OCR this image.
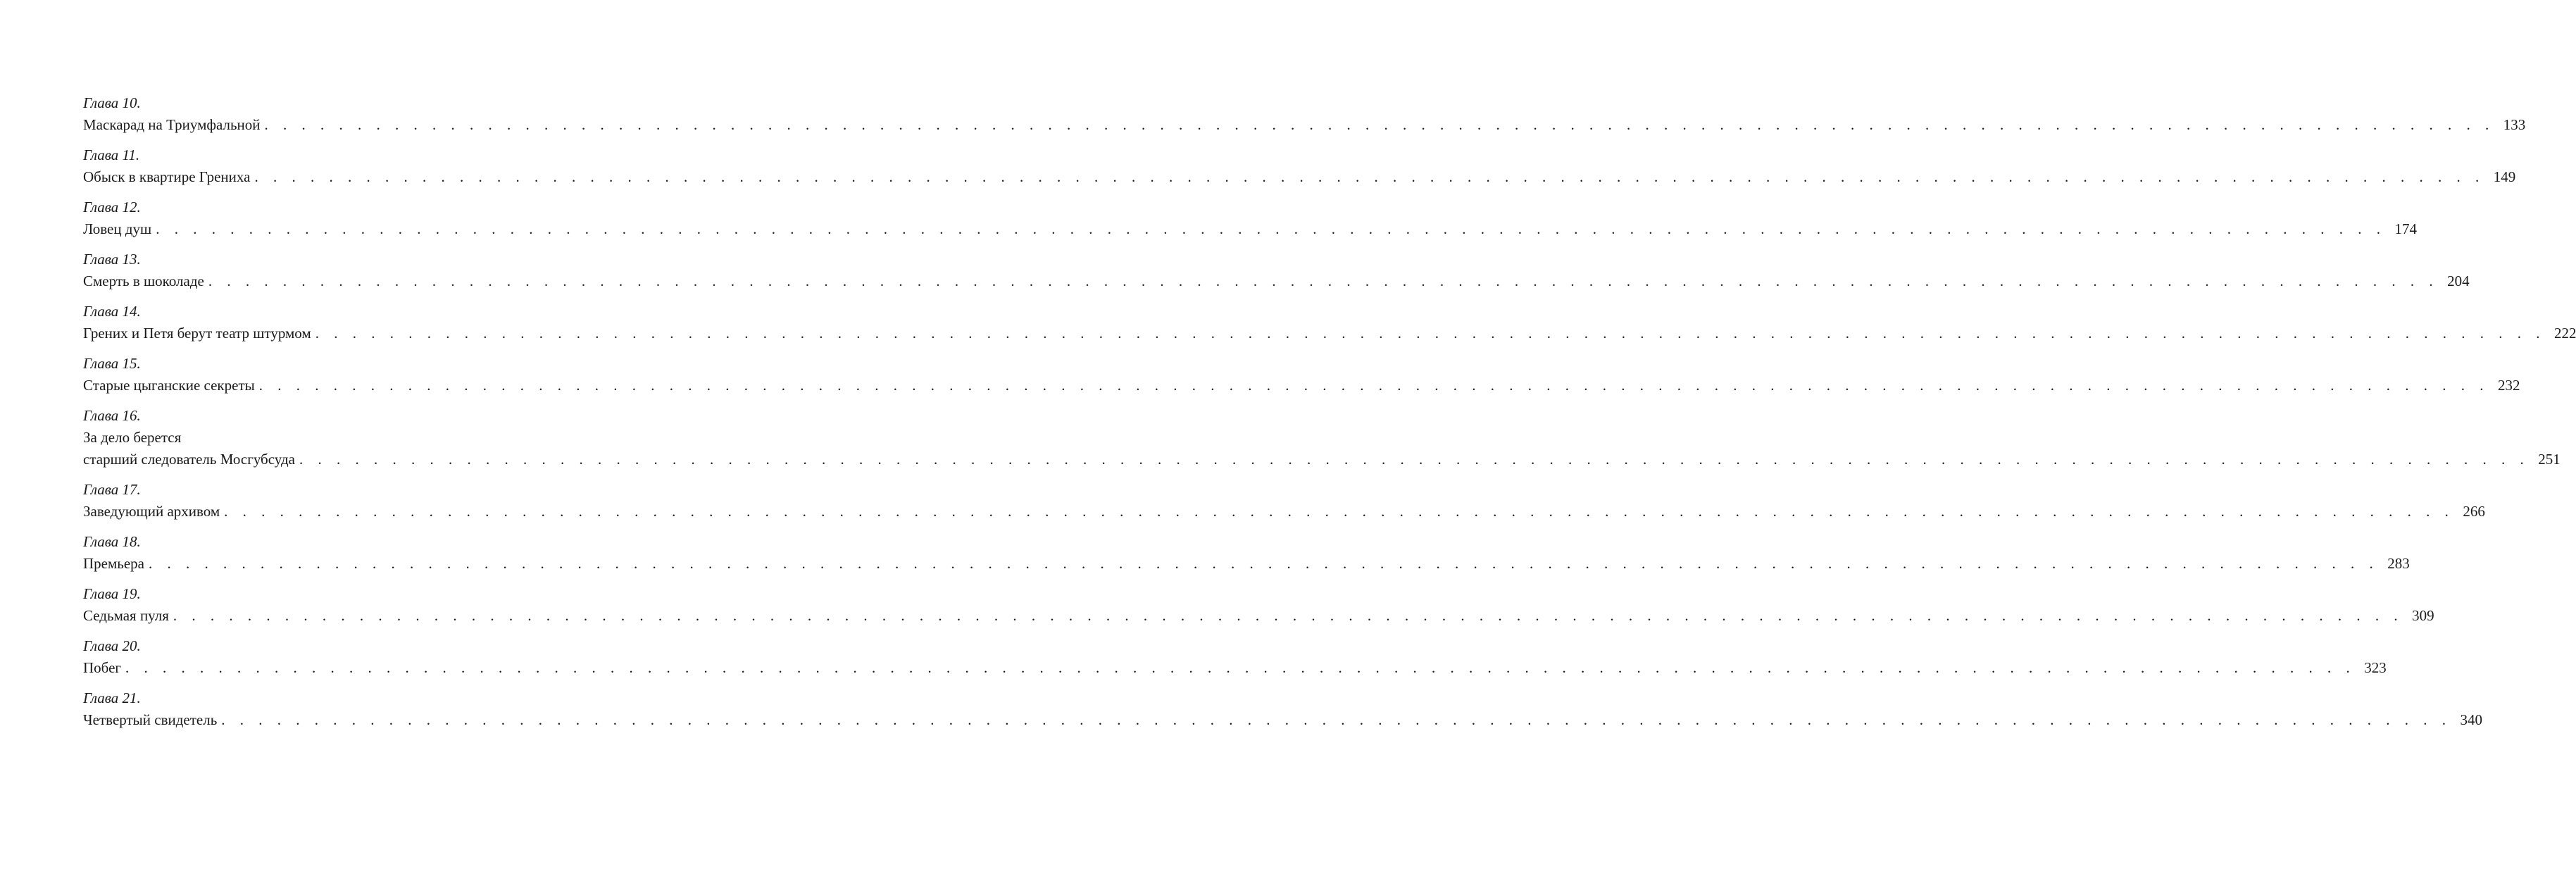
Глава 10.
Маскарад на Триумфальной . . . . . . . . . . . . . . . . . . . . . . . . . . . . . . . . . . . . . . . . . . . . . . . . . . . . . . . . . . . . . . . . . . . . . . . . . . . . . . . . . . . . . . . . . . . . . . . . . . . . . . . . . . . . . . . . . . . . . . . . 133
Глава 11.
Обыск в квартире Грениха . . . . . . . . . . . . . . . . . . . . . . . . . . . . . . . . . . . . . . . . . . . . . . . . . . . . . . . . . . . . . . . . . . . . . . . . . . . . . . . . . . . . . . . . . . . . . . . . . . . . . . . . . . . . . . . . . . . . . . . . 149
Глава 12.
Ловец душ . . . . . . . . . . . . . . . . . . . . . . . . . . . . . . . . . . . . . . . . . . . . . . . . . . . . . . . . . . . . . . . . . . . . . . . . . . . . . . . . . . . . . . . . . . . . . . . . . . . . . . . . . . . . . . . . . . . . . . . . 174
Глава 13.
Смерть в шоколаде . . . . . . . . . . . . . . . . . . . . . . . . . . . . . . . . . . . . . . . . . . . . . . . . . . . . . . . . . . . . . . . . . . . . . . . . . . . . . . . . . . . . . . . . . . . . . . . . . . . . . . . . . . . . . . . . . . . . . . . . 204
Глава 14.
Грених и Петя берут театр штурмом . . . . . . . . . . . . . . . . . . . . . . . . . . . . . . . . . . . . . . . . . . . . . . . . . . . . . . . . . . . . . . . . . . . . . . . . . . . . . . . . . . . . . . . . . . . . . . . . . . . . . . . . . . . . . . . . . . . . . . . . 222
Глава 15.
Старые цыганские секреты . . . . . . . . . . . . . . . . . . . . . . . . . . . . . . . . . . . . . . . . . . . . . . . . . . . . . . . . . . . . . . . . . . . . . . . . . . . . . . . . . . . . . . . . . . . . . . . . . . . . . . . . . . . . . . . . . . . . . . . . 232
Глава 16.
За дело берется
старший следователь Мосгубсуда . . . . . . . . . . . . . . . . . . . . . . . . . . . . . . . . . . . . . . . . . . . . . . . . . . . . . . . . . . . . . . . . . . . . . . . . . . . . . . . . . . . . . . . . . . . . . . . . . . . . . . . . . . . . . . . . . . . . . . . . 251
Глава 17.
Заведующий архивом . . . . . . . . . . . . . . . . . . . . . . . . . . . . . . . . . . . . . . . . . . . . . . . . . . . . . . . . . . . . . . . . . . . . . . . . . . . . . . . . . . . . . . . . . . . . . . . . . . . . . . . . . . . . . . . . . . . . . . . . 266
Глава 18.
Премьера . . . . . . . . . . . . . . . . . . . . . . . . . . . . . . . . . . . . . . . . . . . . . . . . . . . . . . . . . . . . . . . . . . . . . . . . . . . . . . . . . . . . . . . . . . . . . . . . . . . . . . . . . . . . . . . . . . . . . . . . 283
Глава 19.
Седьмая пуля . . . . . . . . . . . . . . . . . . . . . . . . . . . . . . . . . . . . . . . . . . . . . . . . . . . . . . . . . . . . . . . . . . . . . . . . . . . . . . . . . . . . . . . . . . . . . . . . . . . . . . . . . . . . . . . . . . . . . . . . 309
Глава 20.
Побег . . . . . . . . . . . . . . . . . . . . . . . . . . . . . . . . . . . . . . . . . . . . . . . . . . . . . . . . . . . . . . . . . . . . . . . . . . . . . . . . . . . . . . . . . . . . . . . . . . . . . . . . . . . . . . . . . . . . . . . . 323
Глава 21.
Четвертый свидетель . . . . . . . . . . . . . . . . . . . . . . . . . . . . . . . . . . . . . . . . . . . . . . . . . . . . . . . . . . . . . . . . . . . . . . . . . . . . . . . . . . . . . . . . . . . . . . . . . . . . . . . . . . . . . . . . . . . . . . . . 340
